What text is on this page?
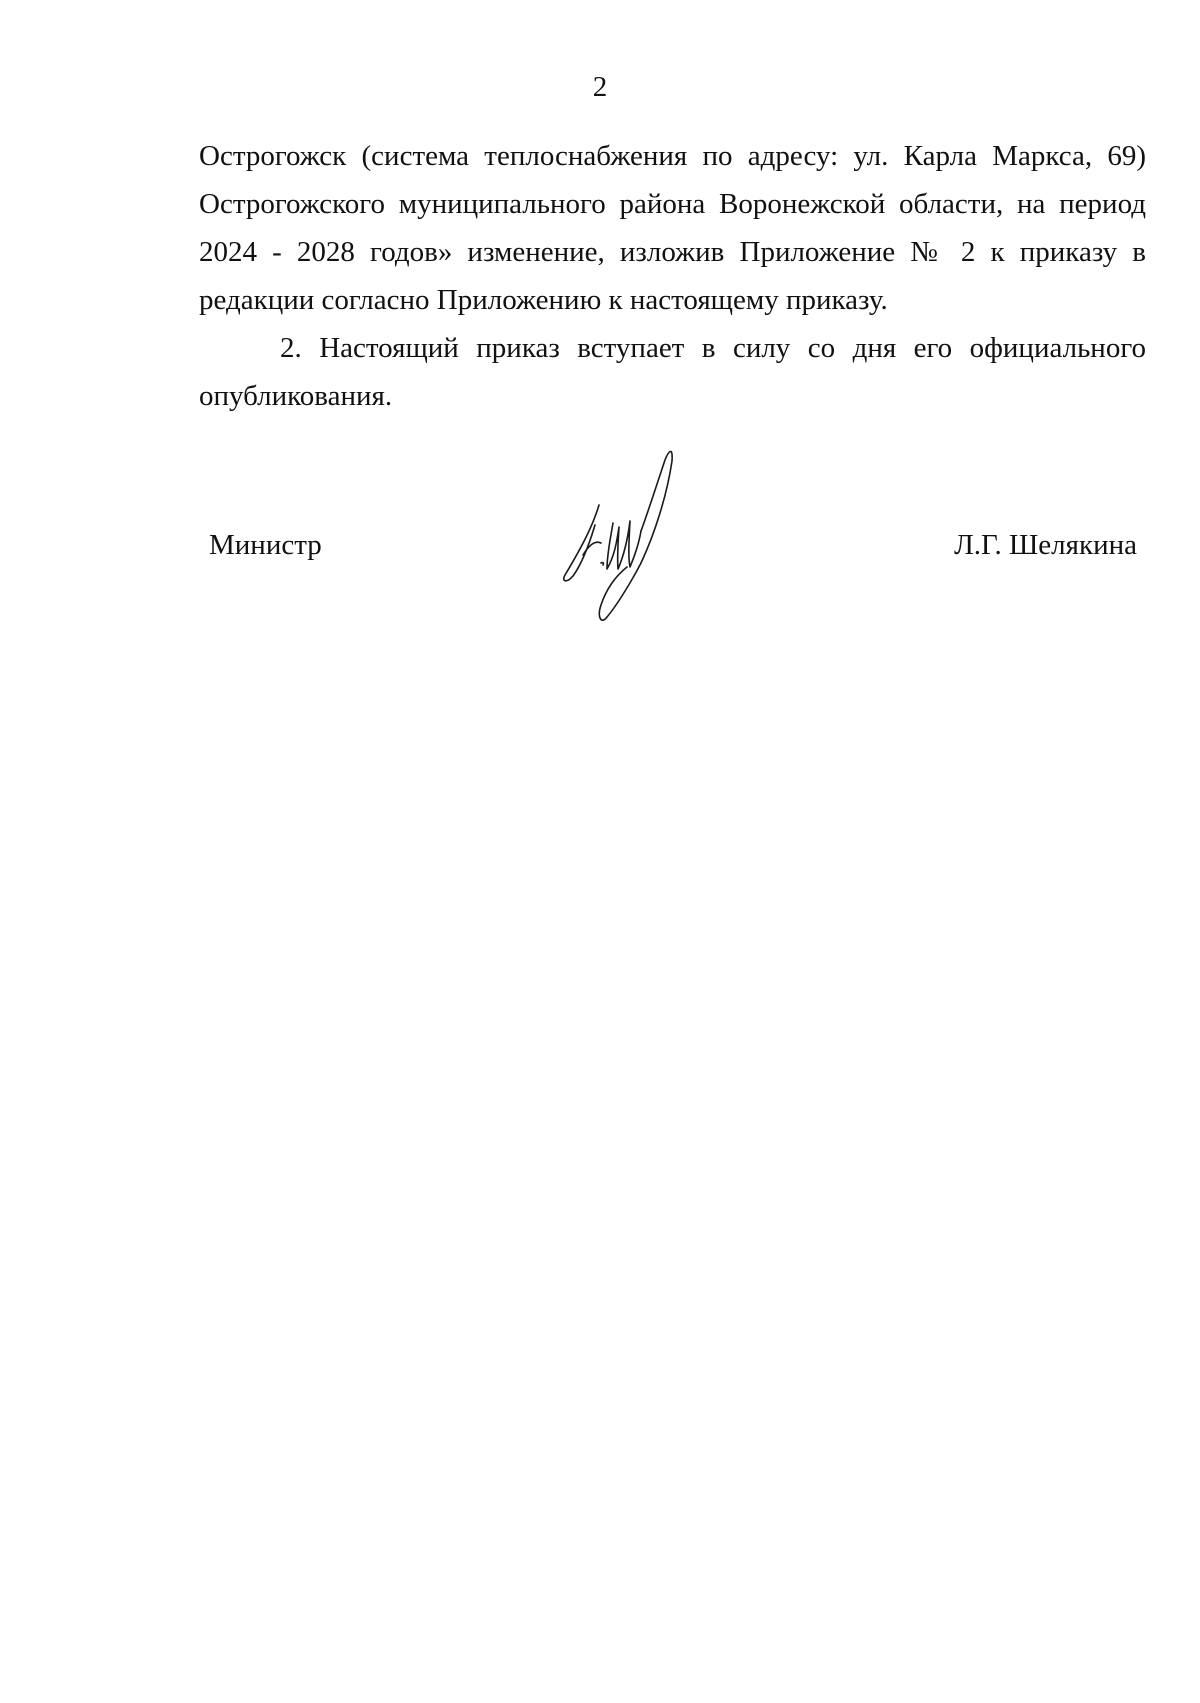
2

Острогожск (система теплоснабжения по адресу: ул. Карла Маркса, 69) Острогожского муниципального района Воронежской области, на период 2024 - 2028 годов» изменение, изложив Приложение № 2 к приказу в редакции согласно Приложению к настоящему приказу.

2. Настоящий приказ вступает в силу со дня его официального опубликования.

Министр	Л.Г. Шелякина
